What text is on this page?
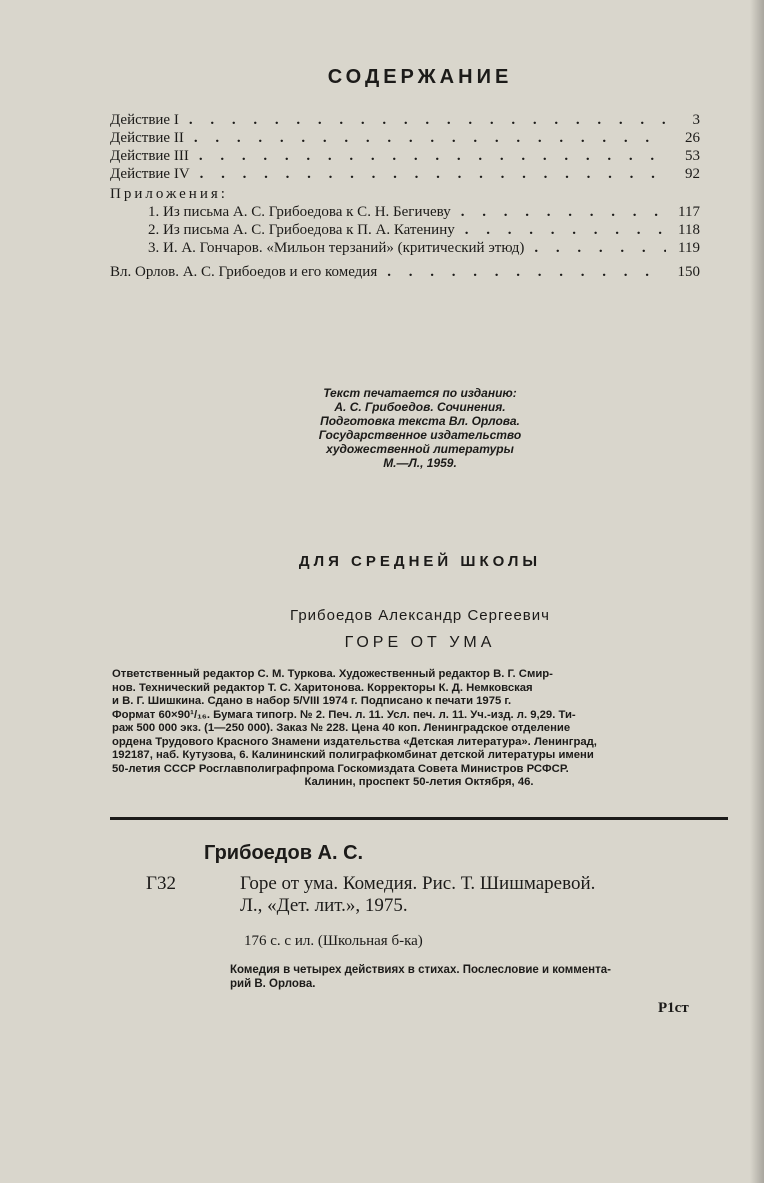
СОДЕРЖАНИЕ
Действие I . . .	3
Действие II . . .	26
Действие III . . .	53
Действие IV . . .	92
Приложения:
1. Из письма А. С. Грибоедова к С. Н. Бегичеву . . .	117
2. Из письма А. С. Грибоедова к П. А. Катенину . . .	118
3. И. А. Гончаров. «Мильон терзаний» (критический этюд) . . .	119
Вл. Орлов. А. С. Грибоедов и его комедия . . .	150
Текст печатается по изданию:
А. С. Грибоедов. Сочинения.
Подготовка текста Вл. Орлова.
Государственное издательство
художественной литературы
М.—Л., 1959.
ДЛЯ СРЕДНЕЙ ШКОЛЫ
Грибоедов Александр Сергеевич
ГОРЕ ОТ УМА
Ответственный редактор С. М. Туркова. Художественный редактор В. Г. Смир-
нов. Технический редактор Т. С. Харитонова. Корректоры К. Д. Немковская
и В. Г. Шишкина. Сдано в набор 5/VIII 1974 г. Подписано к печати 1975 г.
Формат 60×90¹/₁₆. Бумага типогр. № 2. Печ. л. 11. Усл. печ. л. 11. Уч.-изд. л. 9,29. Ти-
раж 500 000 экз. (1—250 000). Заказ № 228. Цена 40 коп. Ленинградское отделение
ордена Трудового Красного Знамени издательства «Детская литература». Ленинград,
192187, наб. Кутузова, 6. Калининский полиграфкомбинат детской литературы имени
50-летия СССР Росглавполиграфпрома Госкомиздата Совета Министров РСФСР.
Калинин, проспект 50-летия Октября, 46.
Грибоедов А. С.
Г32	Горе от ума. Комедия. Рис. Т. Шишмаревой.
Л., «Дет. лит.», 1975.
176 с. с ил. (Школьная б-ка)
Комедия в четырех действиях в стихах. Послесловие и коммента-
рий В. Орлова.
Р1ст
